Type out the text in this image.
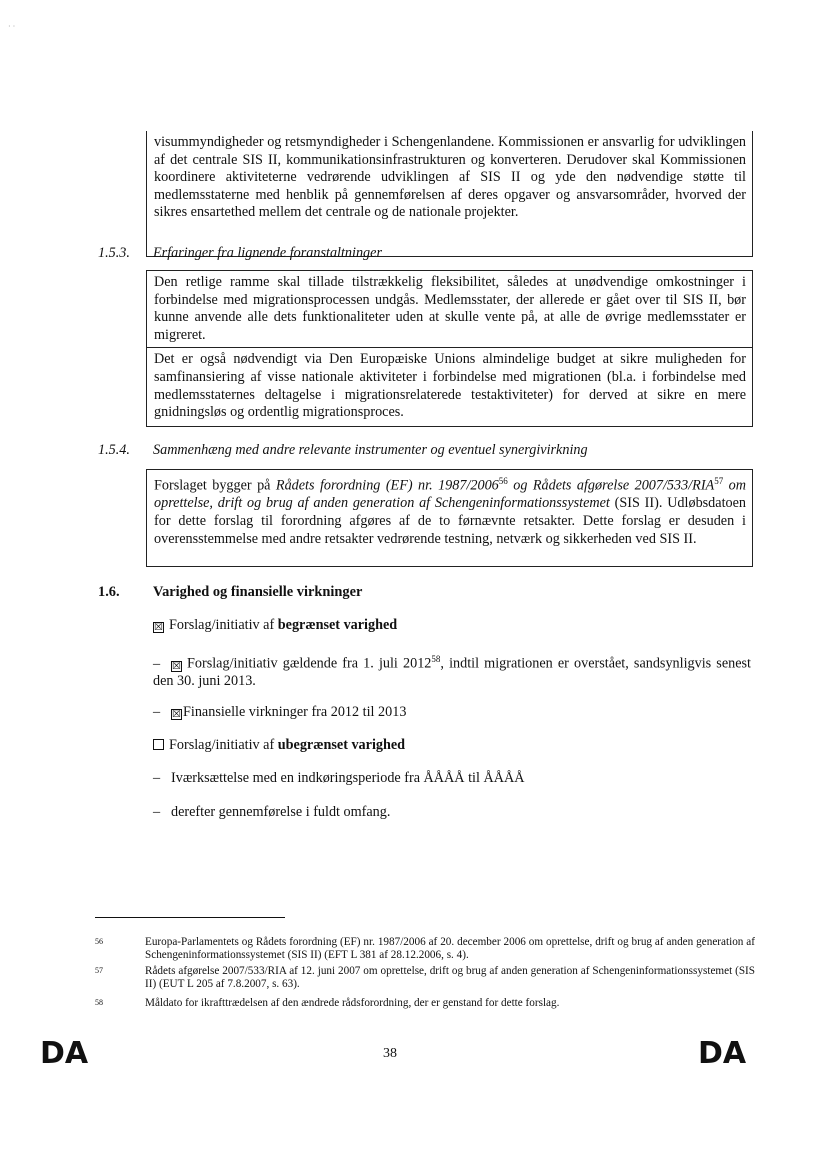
· ·

visummyndigheder og retsmyndigheder i Schengenlandene. Kommissionen er ansvarlig for udviklingen af det centrale SIS II, kommunikationsinfrastrukturen og konverteren. Derudover skal Kommissionen koordinere aktiviteterne vedrørende udviklingen af SIS II og yde den nødvendige støtte til medlemsstaterne med henblik på gennemførelsen af deres opgaver og ansvarsområder, hvorved der sikres ensartethed mellem det centrale og de nationale projekter.

1.5.3. Erfaringer fra lignende foranstaltninger

Den retlige ramme skal tillade tilstrækkelig fleksibilitet, således at unødvendige omkostninger i forbindelse med migrationsprocessen undgås. Medlemsstater, der allerede er gået over til SIS II, bør kunne anvende alle dets funktionaliteter uden at skulle vente på, at alle de øvrige medlemsstater er migreret.

Det er også nødvendigt via Den Europæiske Unions almindelige budget at sikre muligheden for samfinansiering af visse nationale aktiviteter i forbindelse med migrationen (bl.a. i forbindelse med medlemsstaternes deltagelse i migrationsrelaterede testaktiviteter) for derved at sikre en mere gnidningsløs og ordentlig migrationsproces.

1.5.4. Sammenhæng med andre relevante instrumenter og eventuel synergivirkning

Forslaget bygger på Rådets forordning (EF) nr. 1987/2006$^{56}$ og Rådets afgørelse 2007/533/RIA$^{57}$ om oprettelse, drift og brug af anden generation af Schengeninformationssystemet (SIS II). Udløbsdatoen for dette forslag til forordning afgøres af de to førnævnte retsakter. Dette forslag er desuden i overensstemmelse med andre retsakter vedrørende testning, netværk og sikkerheden ved SIS II.

1.6. Varighed og finansielle virkninger
☒ Forslag/initiativ af begrænset varighed
– ☒ Forslag/initiativ gældende fra 1. juli 2012$^{58}$, indtil migrationen er overstået, sandsynligvis senest den 30. juni 2013.
– ☒ Finansielle virkninger fra 2012 til 2013
Forslag/initiativ af ubegrænset varighed
– Iværksættelse med en indkøringsperiode fra ÅÅÅÅ til ÅÅÅÅ
– derefter gennemførelse i fuldt omfang.
56	Europa-Parlamentets og Rådets forordning (EF) nr. 1987/2006 af 20. december 2006 om oprettelse, drift og brug af anden generation af Schengeninformationssystemet (SIS II) (EFT L 381 af 28.12.2006, s. 4).
57	Rådets afgørelse 2007/533/RIA af 12. juni 2007 om oprettelse, drift og brug af anden generation af Schengeninformationssystemet (SIS II) (EUT L 205 af 7.8.2007, s. 63).
58	Måldato for ikrafttrædelsen af den ændrede rådsforordning, der er genstand for dette forslag.
DA	38	DA
